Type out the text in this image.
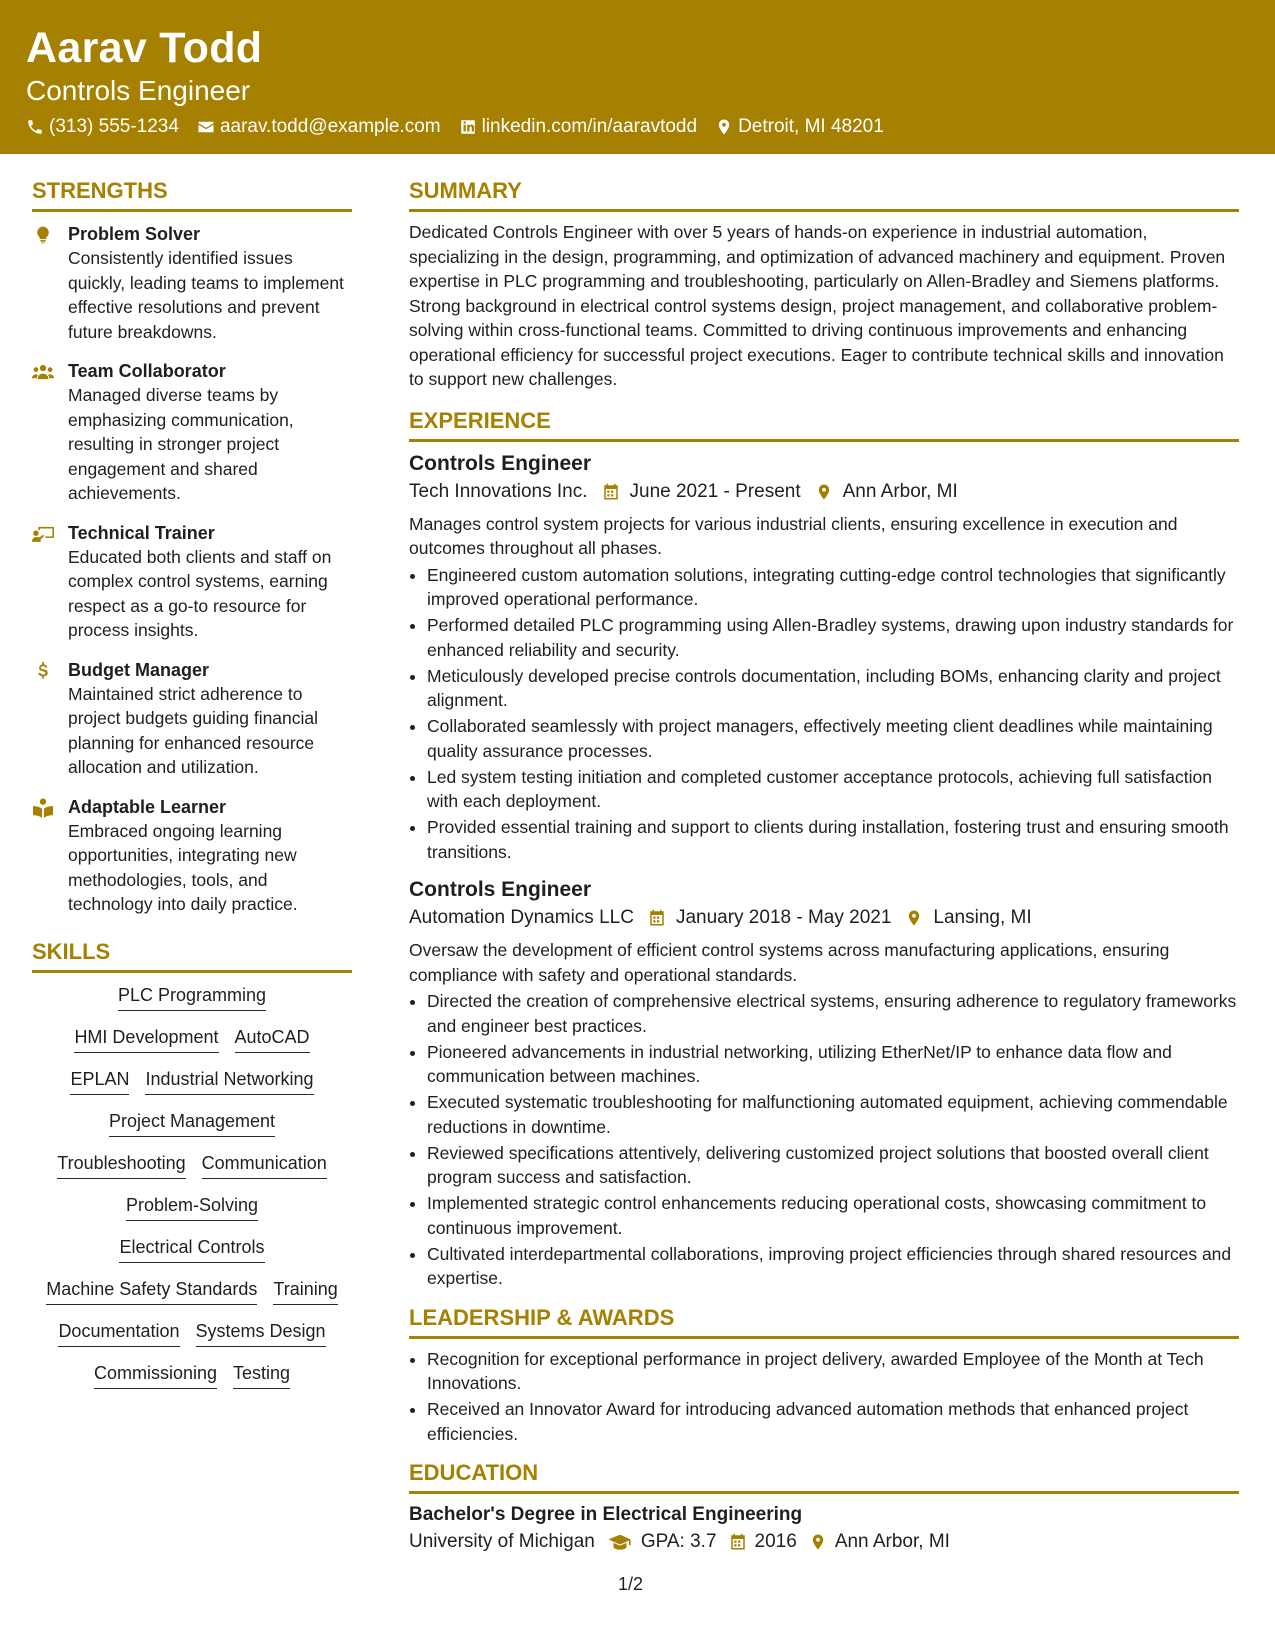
Aarav Todd
Controls Engineer
(313) 555-1234 aarav.todd@example.com linkedin.com/in/aaravtodd Detroit, MI 48201
STRENGTHS
Problem Solver
Consistently identified issues quickly, leading teams to implement effective resolutions and prevent future breakdowns.
Team Collaborator
Managed diverse teams by emphasizing communication, resulting in stronger project engagement and shared achievements.
Technical Trainer
Educated both clients and staff on complex control systems, earning respect as a go-to resource for process insights.
Budget Manager
Maintained strict adherence to project budgets guiding financial planning for enhanced resource allocation and utilization.
Adaptable Learner
Embraced ongoing learning opportunities, integrating new methodologies, tools, and technology into daily practice.
SKILLS
PLC Programming
HMI Development AutoCAD
EPLAN Industrial Networking
Project Management
Troubleshooting Communication
Problem-Solving
Electrical Controls
Machine Safety Standards Training
Documentation Systems Design
Commissioning Testing
SUMMARY
Dedicated Controls Engineer with over 5 years of hands-on experience in industrial automation, specializing in the design, programming, and optimization of advanced machinery and equipment. Proven expertise in PLC programming and troubleshooting, particularly on Allen-Bradley and Siemens platforms. Strong background in electrical control systems design, project management, and collaborative problem-solving within cross-functional teams. Committed to driving continuous improvements and enhancing operational efficiency for successful project executions. Eager to contribute technical skills and innovation to support new challenges.
EXPERIENCE
Controls Engineer
Tech Innovations Inc. June 2021 - Present Ann Arbor, MI
Manages control system projects for various industrial clients, ensuring excellence in execution and outcomes throughout all phases.
• Engineered custom automation solutions, integrating cutting-edge control technologies that significantly improved operational performance.
• Performed detailed PLC programming using Allen-Bradley systems, drawing upon industry standards for enhanced reliability and security.
• Meticulously developed precise controls documentation, including BOMs, enhancing clarity and project alignment.
• Collaborated seamlessly with project managers, effectively meeting client deadlines while maintaining quality assurance processes.
• Led system testing initiation and completed customer acceptance protocols, achieving full satisfaction with each deployment.
• Provided essential training and support to clients during installation, fostering trust and ensuring smooth transitions.
Controls Engineer
Automation Dynamics LLC January 2018 - May 2021 Lansing, MI
Oversaw the development of efficient control systems across manufacturing applications, ensuring compliance with safety and operational standards.
• Directed the creation of comprehensive electrical systems, ensuring adherence to regulatory frameworks and engineer best practices.
• Pioneered advancements in industrial networking, utilizing EtherNet/IP to enhance data flow and communication between machines.
• Executed systematic troubleshooting for malfunctioning automated equipment, achieving commendable reductions in downtime.
• Reviewed specifications attentively, delivering customized project solutions that boosted overall client program success and satisfaction.
• Implemented strategic control enhancements reducing operational costs, showcasing commitment to continuous improvement.
• Cultivated interdepartmental collaborations, improving project efficiencies through shared resources and expertise.
LEADERSHIP & AWARDS
• Recognition for exceptional performance in project delivery, awarded Employee of the Month at Tech Innovations.
• Received an Innovator Award for introducing advanced automation methods that enhanced project efficiencies.
EDUCATION
Bachelor's Degree in Electrical Engineering
University of Michigan GPA: 3.7 2016 Ann Arbor, MI
1/2
